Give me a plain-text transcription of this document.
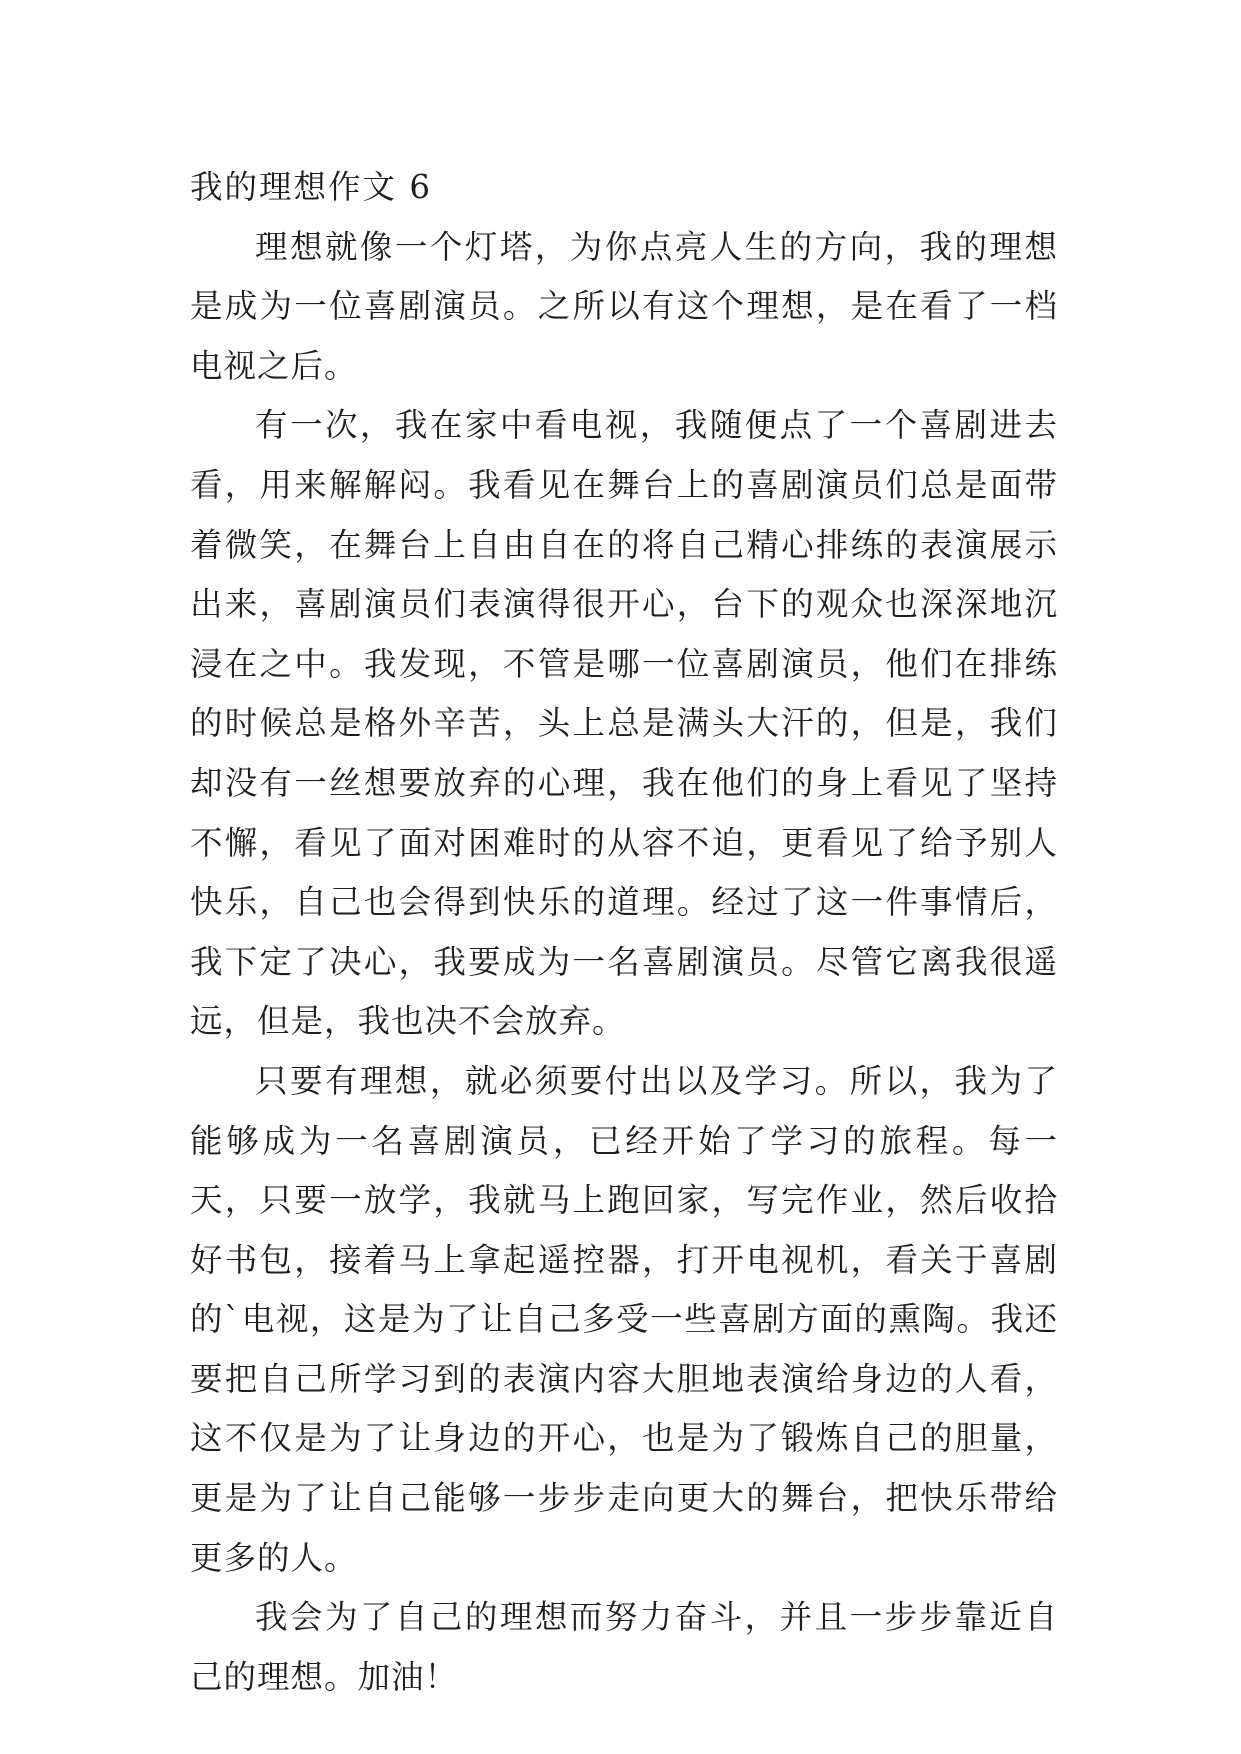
我的理想作文 6

理想就像一个灯塔，为你点亮人生的方向，我的理想是成为一位喜剧演员。之所以有这个理想，是在看了一档电视之后。

有一次，我在家中看电视，我随便点了一个喜剧进去看，用来解解闷。我看见在舞台上的喜剧演员们总是面带着微笑，在舞台上自由自在的将自己精心排练的表演展示出来，喜剧演员们表演得很开心，台下的观众也深深地沉浸在之中。我发现，不管是哪一位喜剧演员，他们在排练的时候总是格外辛苦，头上总是满头大汗的，但是，我们却没有一丝想要放弃的心理，我在他们的身上看见了坚持不懈，看见了面对困难时的从容不迫，更看见了给予别人快乐，自己也会得到快乐的道理。经过了这一件事情后，我下定了决心，我要成为一名喜剧演员。尽管它离我很遥远，但是，我也决不会放弃。

只要有理想，就必须要付出以及学习。所以，我为了能够成为一名喜剧演员，已经开始了学习的旅程。每一天，只要一放学，我就马上跑回家，写完作业，然后收拾好书包，接着马上拿起遥控器，打开电视机，看关于喜剧的`电视，这是为了让自己多受一些喜剧方面的熏陶。我还要把自己所学习到的表演内容大胆地表演给身边的人看，这不仅是为了让身边的开心，也是为了锻炼自己的胆量，更是为了让自己能够一步步走向更大的舞台，把快乐带给更多的人。

我会为了自己的理想而努力奋斗，并且一步步靠近自己的理想。加油！
